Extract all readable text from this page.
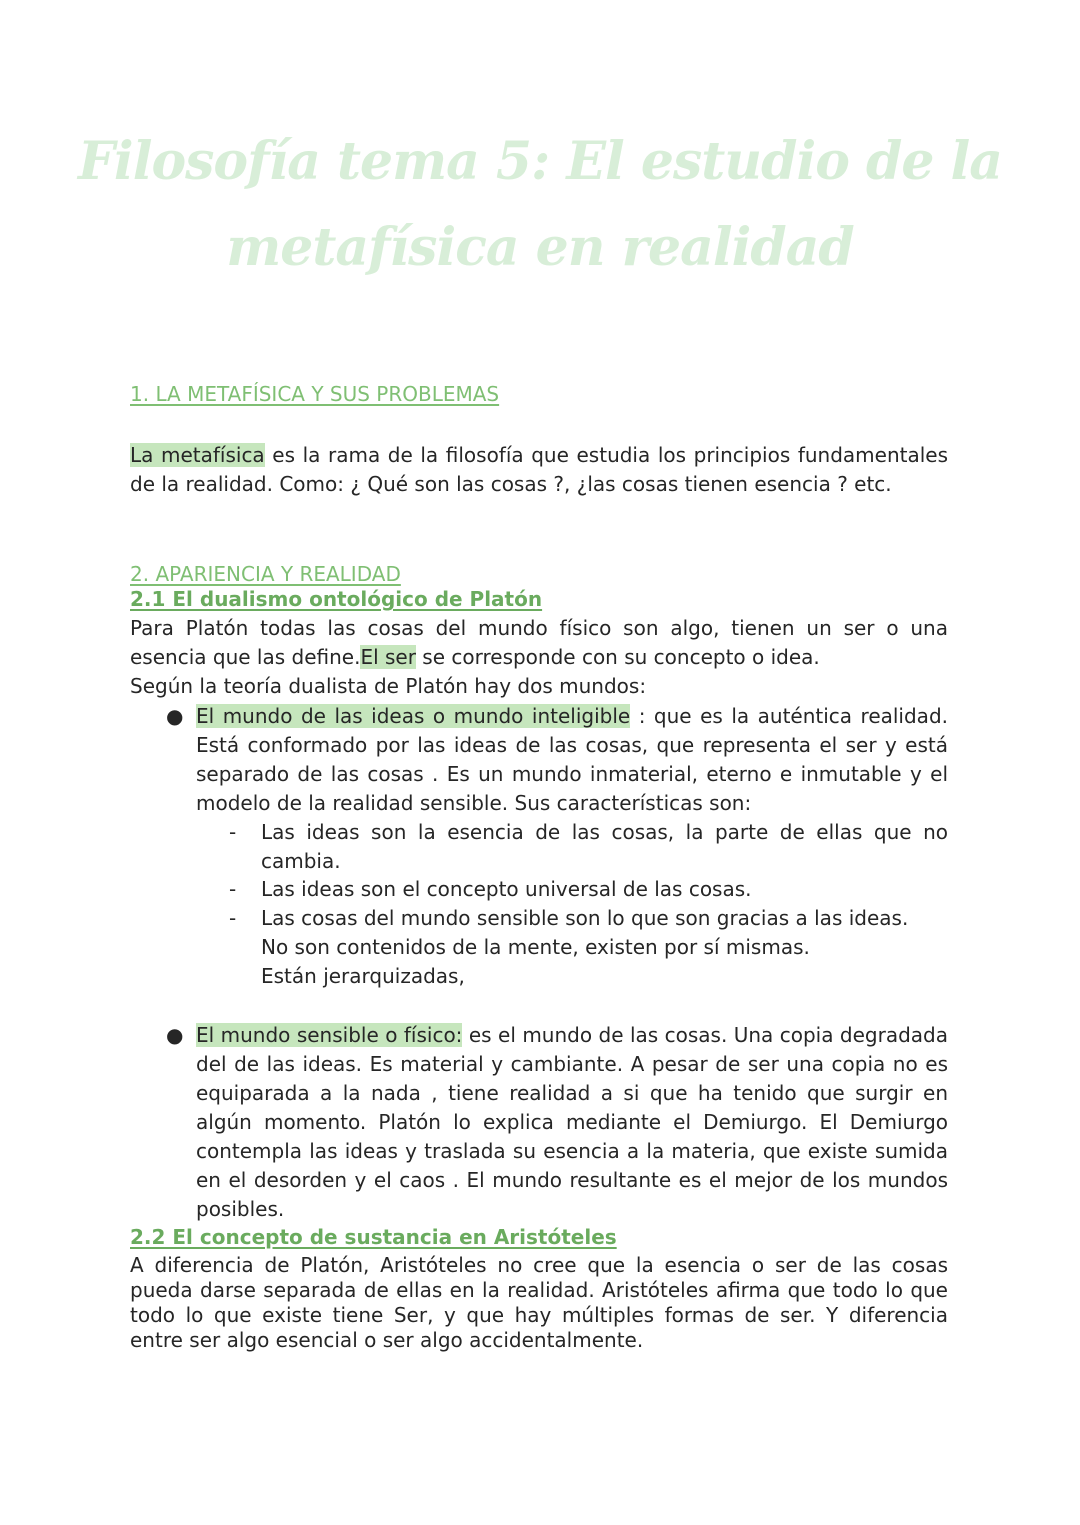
Filosofía tema 5: El estudio de la
metafísica en realidad
1. LA METAFÍSICA Y SUS PROBLEMAS

La metafísica es la rama de la filosofía que estudia los principios fundamentales de la realidad. Como: ¿ Qué son las cosas ?, ¿las cosas tienen esencia ? etc.

2. APARIENCIA Y REALIDAD
2.1 El dualismo ontológico de Platón

Para Platón todas las cosas del mundo físico son algo, tienen un ser o una esencia que las define.El ser se corresponde con su concepto o idea.

Según la teoría dualista de Platón hay dos mundos:

● El mundo de las ideas o mundo inteligible : que es la auténtica realidad. Está conformado por las ideas de las cosas, que representa el ser y está separado de las cosas . Es un mundo inmaterial, eterno e inmutable y el modelo de la realidad sensible. Sus características son:

- Las ideas son la esencia de las cosas, la parte de ellas que no cambia.

- Las ideas son el concepto universal de las cosas.

- Las cosas del mundo sensible son lo que son gracias a las ideas.

No son contenidos de la mente, existen por sí mismas.

Están jerarquizadas,

● El mundo sensible o físico: es el mundo de las cosas. Una copia degradada del de las ideas. Es material y cambiante. A pesar de ser una copia no es equiparada a la nada , tiene realidad a si que ha tenido que surgir en algún momento. Platón lo explica mediante el Demiurgo. El Demiurgo contempla las ideas y traslada su esencia a la materia, que existe sumida en el desorden y el caos . El mundo resultante es el mejor de los mundos posibles.

2.2 El concepto de sustancia en Aristóteles

A diferencia de Platón, Aristóteles no cree que la esencia o ser de las cosas pueda darse separada de ellas en la realidad. Aristóteles afirma que todo lo que todo lo que existe tiene Ser, y que hay múltiples formas de ser. Y diferencia entre ser algo esencial o ser algo accidentalmente.
